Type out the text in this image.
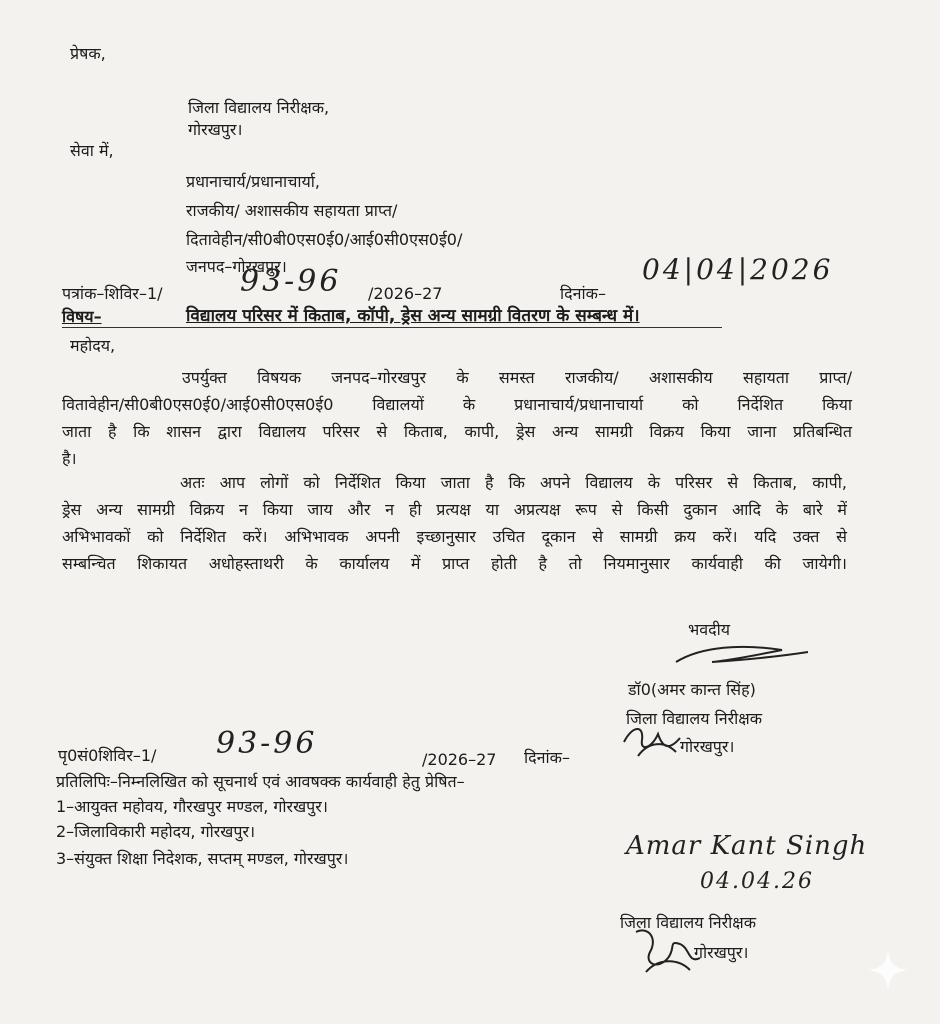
प्रेषक,
जिला विद्यालय निरीक्षक,
गोरखपुर।
सेवा में,
प्रधानाचार्य/प्रधानाचार्या,
राजकीय/ अशासकीय सहायता प्राप्त/
दितावेहीन/सी0बी0एस0ई0/आई0सी0एस0ई0/
जनपद–गोरखपुर।
पत्रांक–शिविर–1/	93-96 /2026–27	दिनांक–
04|04|2026
विषय–	विद्यालय परिसर में किताब, कॉपी, ड्रेस अन्य सामग्री वितरण के सम्बन्ध में।
महोदय,
उपर्युक्त विषयक जनपद–गोरखपुर के समस्त राजकीय/ अशासकीय सहायता प्राप्त/
वितावेहीन/सी0बी0एस0ई0/आई0सी0एस0ई0 विद्यालयों के प्रधानाचार्य/प्रधानाचार्या को निर्देशित किया
जाता है कि शासन द्वारा विद्यालय परिसर से किताब, कापी, ड्रेस अन्य सामग्री विक्रय किया जाना प्रतिबन्धित
है।
अतः आप लोगों को निर्देशित किया जाता है कि अपने विद्यालय के परिसर से किताब, कापी,
ड्रेस अन्य सामग्री विक्रय न किया जाय और न ही प्रत्यक्ष या अप्रत्यक्ष रूप से किसी दुकान आदि के बारे में
अभिभावकों को निर्देशित करें। अभिभावक अपनी इच्छानुसार उचित दूकान से सामग्री क्रय करें। यदि उक्त से
सम्बन्चित शिकायत अधोहस्ताथरी के कार्यालय में प्राप्त होती है तो नियमानुसार कार्यवाही की जायेगी।
भवदीय
डॉ0(अमर कान्त सिंह)
जिला विद्यालय निरीक्षक
गोरखपुर।
पृ0सं0शिविर–1/ 93-96	/2026–27 दिनांक–
प्रतिलिपिः–निम्नलिखित को सूचनार्थ एवं आवषक्क कार्यवाही हेतु प्रेषित–
1–आयुक्त महोवय, गौरखपुर मण्डल, गोरखपुर।
2–जिलाविकारी महोदय, गोरखपुर।
3–संयुक्त शिक्षा निदेशक, सप्तम् मण्डल, गोरखपुर।	Amar Kant Singh
04.04.26
जिला विद्यालय निरीक्षक
गोरखपुर।
